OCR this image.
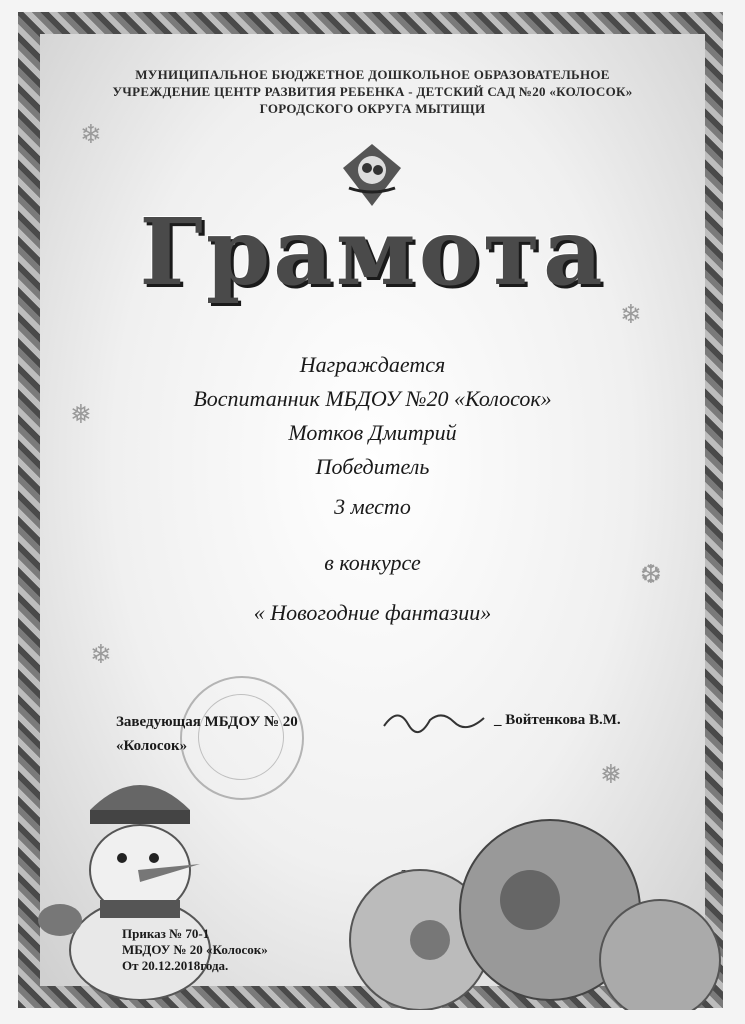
❄
❄
❅
❆
❄
❅
МУНИЦИПАЛЬНОЕ БЮДЖЕТНОЕ ДОШКОЛЬНОЕ ОБРАЗОВАТЕЛЬНОЕ
УЧРЕЖДЕНИЕ ЦЕНТР РАЗВИТИЯ РЕБЕНКА - ДЕТСКИЙ САД №20 «КОЛОСОК»
ГОРОДСКОГО ОКРУГА МЫТИЩИ
Грамота
Награждается
Воспитанник МБДОУ №20 «Колосок»
Мотков Дмитрий
Победитель
3 место
в конкурсе
« Новогодние фантазии»
Заведующая МБДОУ № 20
«Колосок»
_ Войтенкова В.М.
Приказ № 70-1
МБДОУ № 20 «Колосок»
От 20.12.2018года.
